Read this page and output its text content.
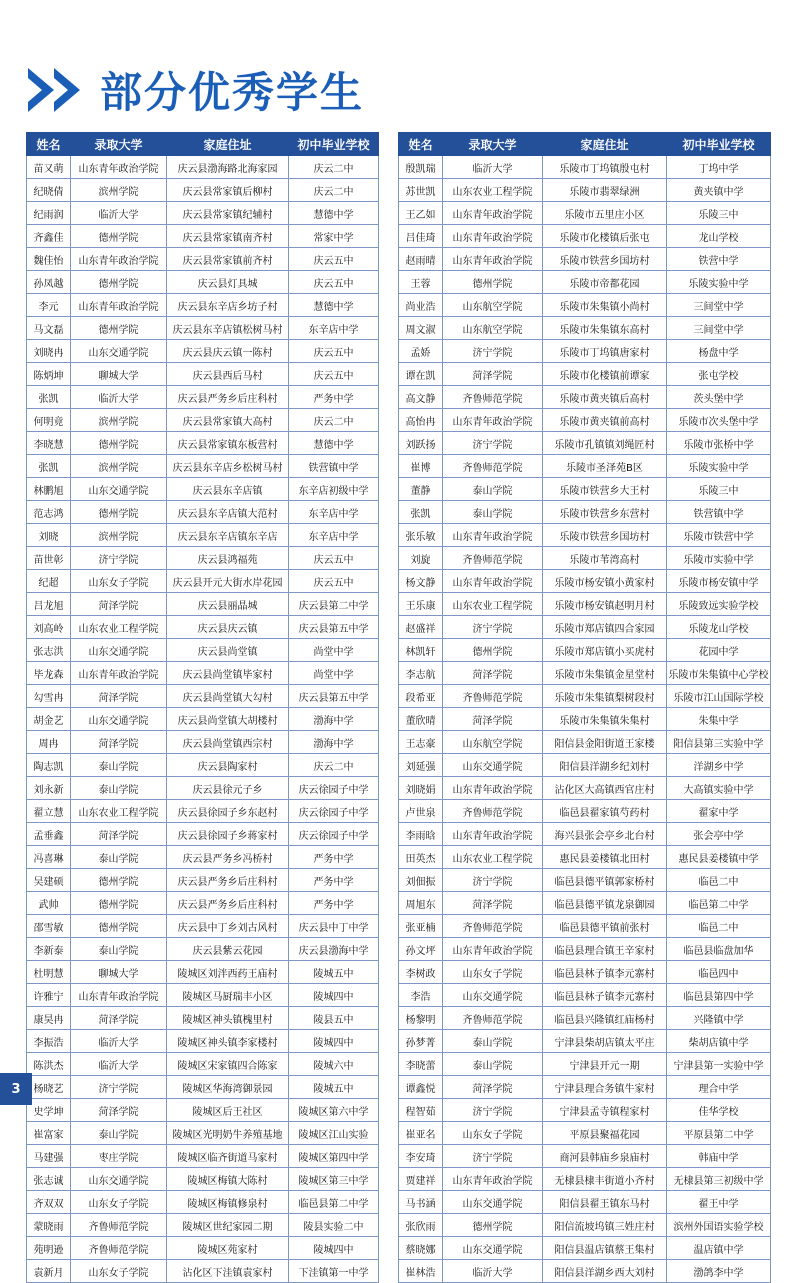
部分优秀学生
姓名	录取大学	家庭住址	初中毕业学校
苗又萌	山东青年政治学院	庆云县渤海路北海家园	庆云二中
纪晓倩	滨州学院	庆云县常家镇后柳村	庆云二中
纪雨润	临沂大学	庆云县常家镇纪辅村	慧德中学
齐鑫佳	德州学院	庆云县常家镇南齐村	常家中学
魏佳怡	山东青年政治学院	庆云县常家镇前齐村	庆云五中
孙凤越	德州学院	庆云县灯具城	庆云五中
李元	山东青年政治学院	庆云县东辛店乡坊子村	慧德中学
马文磊	德州学院	庆云县东辛店镇松树马村	东辛店中学
刘晓冉	山东交通学院	庆云县庆云镇一陈村	庆云五中
陈炳坤	聊城大学	庆云县西后马村	庆云五中
张凯	临沂大学	庆云县严务乡后庄科村	严务中学
何明竟	滨州学院	庆云县常家镇大高村	庆云二中
李晓慧	德州学院	庆云县常家镇东板营村	慧德中学
张凯	滨州学院	庆云县东辛店乡松树马村	铁营镇中学
林鹏旭	山东交通学院	庆云县东辛店镇	东辛店初级中学
范志鸿	德州学院	庆云县东辛店镇大范村	东辛店中学
刘晓	滨州学院	庆云县东辛店镇东辛店	东辛店中学
苗世彰	济宁学院	庆云县鸿福苑	庆云五中
纪超	山东女子学院	庆云县开元大街水岸花园	庆云五中
吕龙旭	菏泽学院	庆云县丽晶城	庆云县第二中学
刘高岭	山东农业工程学院	庆云县庆云镇	庆云县第五中学
张志洪	山东交通学院	庆云县尚堂镇	尚堂中学
毕龙森	山东青年政治学院	庆云县尚堂镇毕家村	尚堂中学
勾雪冉	菏泽学院	庆云县尚堂镇大勾村	庆云县第五中学
胡金艺	山东交通学院	庆云县尚堂镇大胡楼村	渤海中学
周冉	菏泽学院	庆云县尚堂镇西宗村	渤海中学
陶志凯	泰山学院	庆云县陶家村	庆云二中
刘永新	泰山学院	庆云县徐元子乡	庆云徐园子中学
翟立慧	山东农业工程学院	庆云县徐园子乡东赵村	庆云徐园子中学
孟垂鑫	菏泽学院	庆云县徐园子乡蒋家村	庆云徐园子中学
冯喜琳	泰山学院	庆云县严务乡冯桥村	严务中学
吴建硕	德州学院	庆云县严务乡后庄科村	严务中学
武帅	德州学院	庆云县严务乡后庄科村	严务中学
邵雪敏	德州学院	庆云县中丁乡刘古风村	庆云县中丁中学
李新泰	泰山学院	庆云县紫云花园	庆云县渤海中学
杜明慧	聊城大学	陵城区刘泮西药王庙村	陵城五中
许雅宁	山东青年政治学院	陵城区马厨瑞丰小区	陵城四中
康昊冉	菏泽学院	陵城区神头镇槐里村	陵县五中
李振浩	临沂大学	陵城区神头镇李家楼村	陵城四中
陈洪杰	临沂大学	陵城区宋家镇四合陈家	陵城六中
杨晓艺	济宁学院	陵城区华海湾御景园	陵城五中
史学坤	菏泽学院	陵城区后王社区	陵城区第六中学
崔富家	泰山学院	陵城区光明奶牛养殖基地	陵城区江山实验
马建强	枣庄学院	陵城区临齐街道马家村	陵城区第四中学
张志诚	山东交通学院	陵城区梅镇大陈村	陵城区第三中学
齐双双	山东女子学院	陵城区梅镇修泉村	临邑县第二中学
蒙晓雨	齐鲁师范学院	陵城区世纪家园二期	陵县实验二中
苑明逊	齐鲁师范学院	陵城区苑家村	陵城四中
袁新月	山东女子学院	沾化区下洼镇袁家村	下洼镇第一中学
姓名	录取大学	家庭住址	初中毕业学校
殷凯瑞	临沂大学	乐陵市丁坞镇殷屯村	丁坞中学
苏世凯	山东农业工程学院	乐陵市翡翠绿洲	黄夹镇中学
王乙如	山东青年政治学院	乐陵市五里庄小区	乐陵三中
吕佳琦	山东青年政治学院	乐陵市化楼镇后张屯	龙山学校
赵雨晴	山东青年政治学院	乐陵市铁营乡国坊村	铁营中学
王蓉	德州学院	乐陵市帝都花园	乐陵实验中学
尚业浩	山东航空学院	乐陵市朱集镇小尚村	三间堂中学
周文淑	山东航空学院	乐陵市朱集镇东高村	三间堂中学
孟娇	济宁学院	乐陵市丁坞镇唐家村	杨盘中学
谭在凯	菏泽学院	乐陵市化楼镇前谭家	张屯学校
高文静	齐鲁师范学院	乐陵市黄夹镇后高村	茨头堡中学
高怡冉	山东青年政治学院	乐陵市黄夹镇前高村	乐陵市次头堡中学
刘跃扬	济宁学院	乐陵市孔镇镇刘绳匠村	乐陵市张桥中学
崔博	齐鲁师范学院	乐陵市圣泽苑B区	乐陵实验中学
董静	泰山学院	乐陵市铁营乡大王村	乐陵三中
张凯	泰山学院	乐陵市铁营乡东营村	铁营镇中学
张乐敏	山东青年政治学院	乐陵市铁营乡国坊村	乐陵市铁营中学
刘旋	齐鲁师范学院	乐陵市苇湾高村	乐陵市实验中学
杨文静	山东青年政治学院	乐陵市杨安镇小黄家村	乐陵市杨安镇中学
王乐康	山东农业工程学院	乐陵市杨安镇赵明月村	乐陵致远实验学校
赵盛祥	济宁学院	乐陵市郑店镇四合家园	乐陵龙山学校
林凯轩	德州学院	乐陵市郑店镇小买虎村	花园中学
李志航	菏泽学院	乐陵市朱集镇金星堂村	乐陵市朱集镇中心学校
段希亚	齐鲁师范学院	乐陵市朱集镇梨树段村	乐陵市江山国际学校
董欣晴	菏泽学院	乐陵市朱集镇朱集村	朱集中学
王志豪	山东航空学院	阳信县金阳街道王家楼	阳信县第三实验中学
刘延强	山东交通学院	阳信县洋湖乡纪刘村	洋湖乡中学
刘晓娟	山东青年政治学院	沾化区大高镇西官庄村	大高镇实验中学
卢世泉	齐鲁师范学院	临邑县翟家镇芍药村	翟家中学
李雨晗	山东青年政治学院	海兴县张会亭乡北台村	张会亭中学
田英杰	山东农业工程学院	惠民县姜楼镇北田村	惠民县姜楼镇中学
刘佃振	济宁学院	临邑县德平镇郭家桥村	临邑二中
周旭东	菏泽学院	临邑县德平镇龙泉御园	临邑第二中学
张亚楠	齐鲁师范学院	临邑县德平镇前张村	临邑二中
孙文坪	山东青年政治学院	临邑县理合镇王辛家村	临邑县临盘加华
李树政	山东女子学院	临邑县林子镇李元寨村	临邑四中
李浩	山东交通学院	临邑县林子镇李元寨村	临邑县第四中学
杨黎明	齐鲁师范学院	临邑县兴隆镇红庙杨村	兴隆镇中学
孙梦菁	泰山学院	宁津县柴胡店镇太平庄	柴胡店镇中学
李晓蕾	泰山学院	宁津县开元一期	宁津县第一实验中学
谭鑫悦	菏泽学院	宁津县理合务镇牛家村	理合中学
程智茹	济宁学院	宁津县孟寺镇程家村	佳华学校
崔亚名	山东女子学院	平原县聚福花园	平原县第二中学
李安琦	济宁学院	商河县韩庙乡泉庙村	韩庙中学
贾建祥	山东青年政治学院	无棣县棣丰街道小齐村	无棣县第三初级中学
马书涵	山东交通学院	阳信县翟王镇东马村	翟王中学
张欣雨	德州学院	阳信流坡坞镇三姓庄村	滨州外国语实验学校
蔡晓娜	山东交通学院	阳信县温店镇蔡王集村	温店镇中学
崔林浩	临沂大学	阳信县洋湖乡西大刘村	渤鸽李中学
3
